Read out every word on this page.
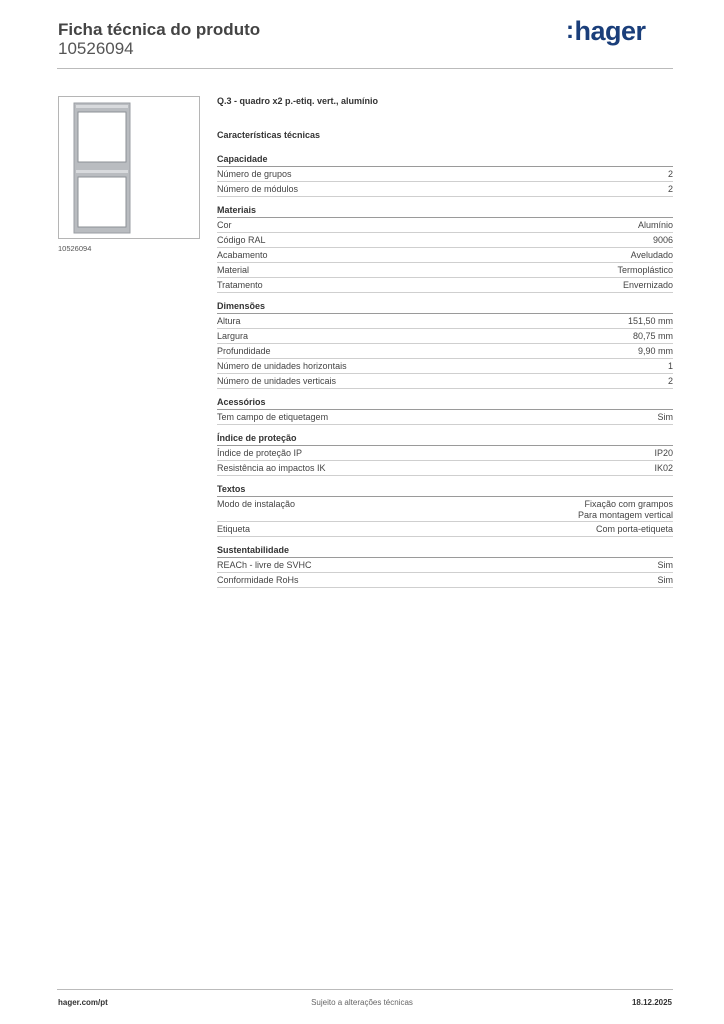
Ficha técnica do produto
10526094
:hager
10526094
Q.3 - quadro x2 p.-etiq. vert., alumínio
Características técnicas
Capacidade
Número de grupos	2
Número de módulos	2
Materiais
Cor	Alumínio
Código RAL	9006
Acabamento	Aveludado
Material	Termoplástico
Tratamento	Envernizado
Dimensões
Altura	151,50 mm
Largura	80,75 mm
Profundidade	9,90 mm
Número de unidades horizontais	1
Número de unidades verticais	2
Acessórios
Tem campo de etiquetagem	Sim
Índice de proteção
Índice de proteção IP	IP20
Resistência ao impactos IK	IK02
Textos
Modo de instalação	Fixação com grampos
Para montagem vertical
Etiqueta	Com porta-etiqueta
Sustentabilidade
REACh - livre de SVHC	Sim
Conformidade RoHs	Sim
hager.com/pt	Sujeito a alterações técnicas	18.12.2025
